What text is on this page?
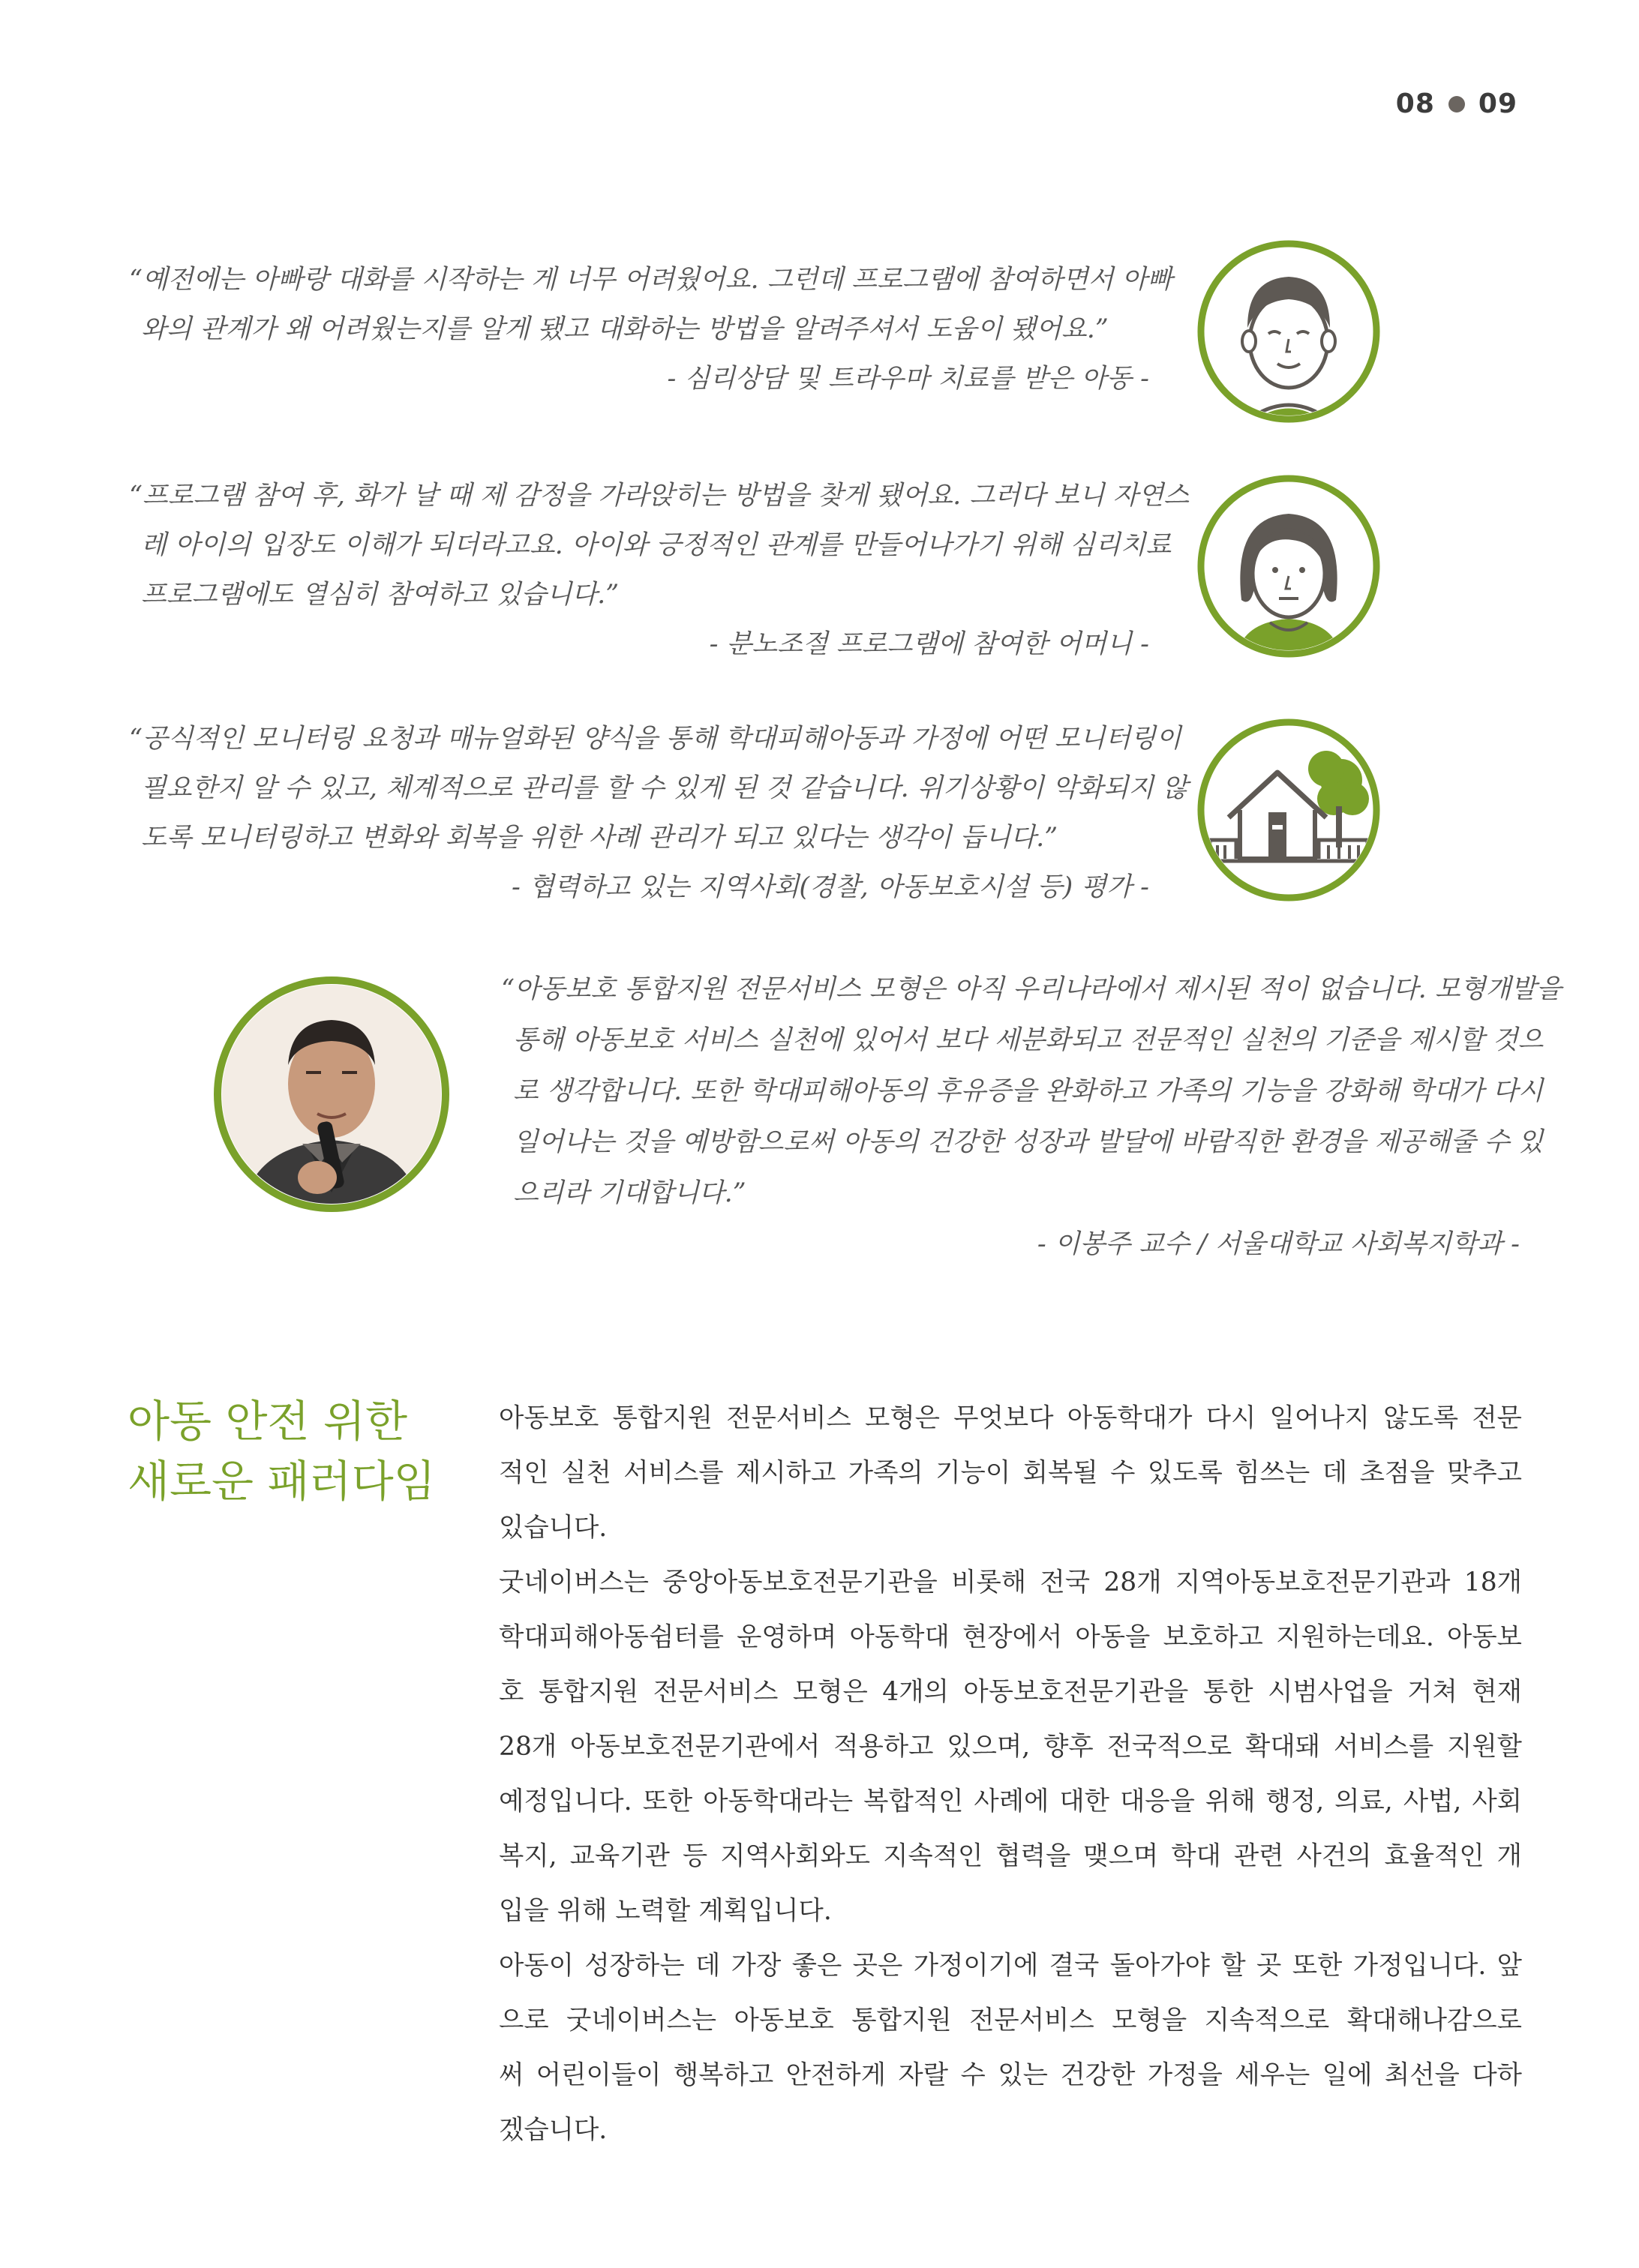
08 09
“예전에는 아빠랑 대화를 시작하는 게 너무 어려웠어요. 그런데 프로그램에 참여하면서 아빠
와의 관계가 왜 어려웠는지를 알게 됐고 대화하는 방법을 알려주셔서 도움이 됐어요.”
- 심리상담 및 트라우마 치료를 받은 아동 -
“프로그램 참여 후, 화가 날 때 제 감정을 가라앉히는 방법을 찾게 됐어요. 그러다 보니 자연스
레 아이의 입장도 이해가 되더라고요. 아이와 긍정적인 관계를 만들어나가기 위해 심리치료
프로그램에도 열심히 참여하고 있습니다.”
- 분노조절 프로그램에 참여한 어머니 -
“공식적인 모니터링 요청과 매뉴얼화된 양식을 통해 학대피해아동과 가정에 어떤 모니터링이
필요한지 알 수 있고, 체계적으로 관리를 할 수 있게 된 것 같습니다. 위기상황이 악화되지 않
도록 모니터링하고 변화와 회복을 위한 사례 관리가 되고 있다는 생각이 듭니다.”
- 협력하고 있는 지역사회(경찰, 아동보호시설 등) 평가 -
“아동보호 통합지원 전문서비스 모형은 아직 우리나라에서 제시된 적이 없습니다. 모형개발을
통해 아동보호 서비스 실천에 있어서 보다 세분화되고 전문적인 실천의 기준을 제시할 것으
로 생각합니다. 또한 학대피해아동의 후유증을 완화하고 가족의 기능을 강화해 학대가 다시
일어나는 것을 예방함으로써 아동의 건강한 성장과 발달에 바람직한 환경을 제공해줄 수 있
으리라 기대합니다.”
- 이봉주 교수 / 서울대학교 사회복지학과 -
아동 안전 위한
새로운 패러다임
아동보호 통합지원 전문서비스 모형은 무엇보다 아동학대가 다시 일어나지 않도록 전문
적인 실천 서비스를 제시하고 가족의 기능이 회복될 수 있도록 힘쓰는 데 초점을 맞추고
있습니다.
굿네이버스는 중앙아동보호전문기관을 비롯해 전국 28개 지역아동보호전문기관과 18개
학대피해아동쉼터를 운영하며 아동학대 현장에서 아동을 보호하고 지원하는데요. 아동보
호 통합지원 전문서비스 모형은 4개의 아동보호전문기관을 통한 시범사업을 거쳐 현재
28개 아동보호전문기관에서 적용하고 있으며, 향후 전국적으로 확대돼 서비스를 지원할
예정입니다. 또한 아동학대라는 복합적인 사례에 대한 대응을 위해 행정, 의료, 사법, 사회
복지, 교육기관 등 지역사회와도 지속적인 협력을 맺으며 학대 관련 사건의 효율적인 개
입을 위해 노력할 계획입니다.
아동이 성장하는 데 가장 좋은 곳은 가정이기에 결국 돌아가야 할 곳 또한 가정입니다. 앞
으로 굿네이버스는 아동보호 통합지원 전문서비스 모형을 지속적으로 확대해나감으로
써 어린이들이 행복하고 안전하게 자랄 수 있는 건강한 가정을 세우는 일에 최선을 다하
겠습니다.
